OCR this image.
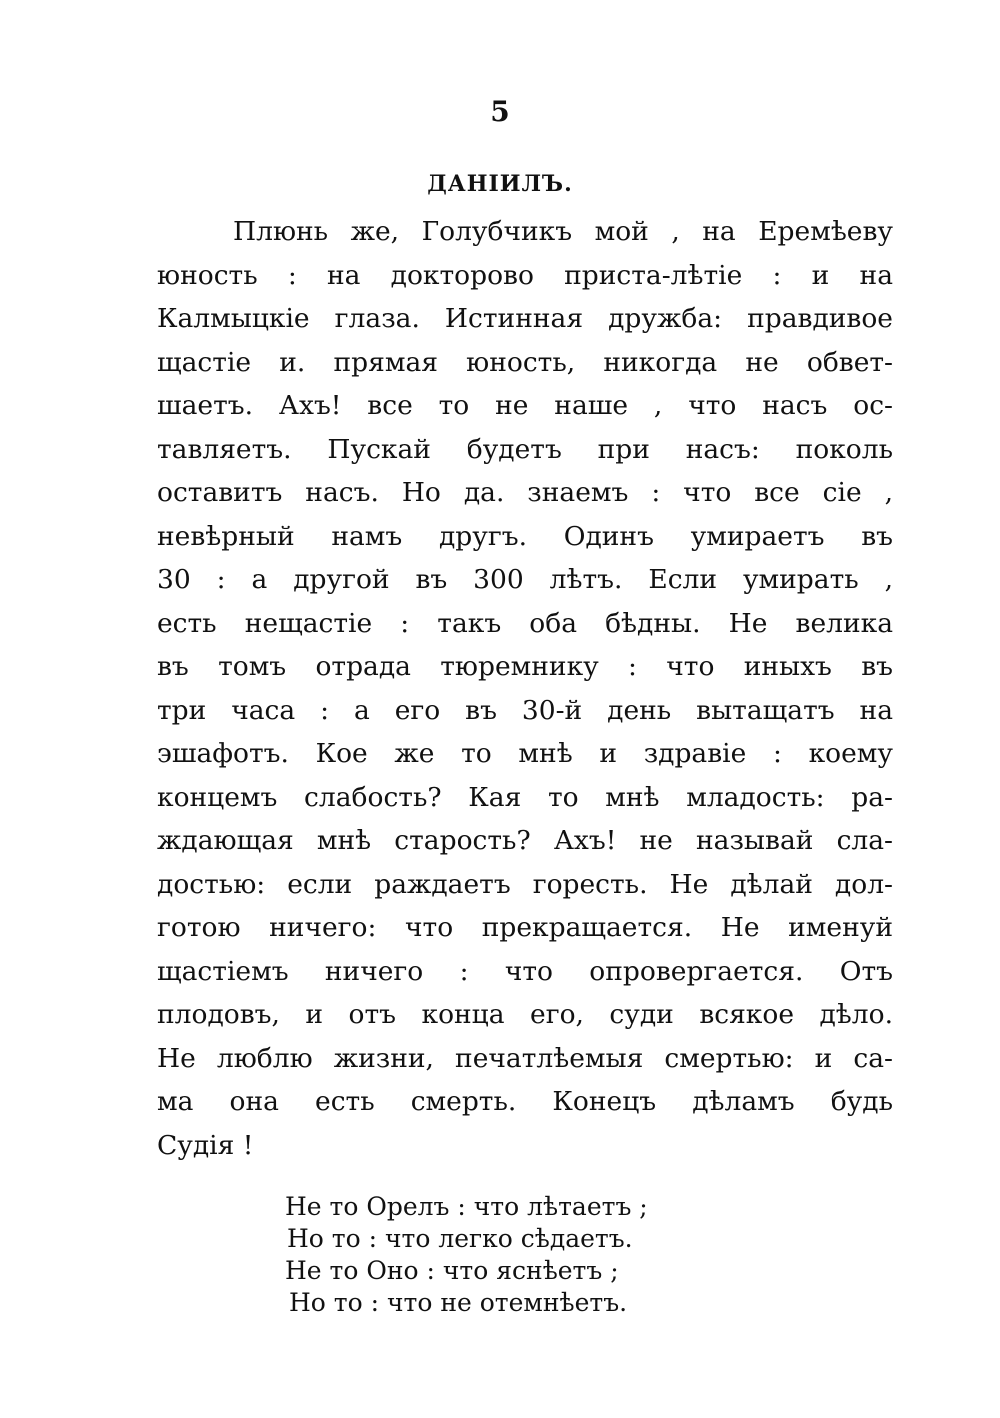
5
ДАНІИЛЪ.
Плюнь же, Голубчикъ мой , на Еремѣеву
юность : на докторово приста-лѣтіе : и на
Калмыцкіе глаза. Истинная дружба: правдивое
щастіе и. прямая юность, никогда не обвет-
шаетъ. Ахъ! все то не наше , что насъ ос-
тавляетъ. Пускай будетъ при насъ: поколь
оставитъ насъ. Но да. знаемъ : что все сіе ,
невѣрный намъ другъ. Одинъ умираетъ въ
30 : а другой въ 300 лѣтъ. Если умирать ,
есть нещастіе : такъ оба бѣдны. Не велика
въ томъ отрада тюремнику : что иныхъ въ
три часа : а его въ 30-й день вытащатъ на
эшафотъ. Кое же то мнѣ и здравіе : коему
концемъ слабость? Кая то мнѣ младость: ра-
ждающая мнѣ старость? Ахъ! не называй сла-
достью: если раждаетъ горесть. Не дѣлай дол-
готою ничего: что прекращается. Не именуй
щастіемъ ничего : что опровергается. Отъ
плодовъ, и отъ конца его, суди всякое дѣло.
Не люблю жизни, печатлѣемыя смертью: и са-
ма она есть смерть. Конецъ дѣламъ будь
Судія !
Не то Орелъ : что лѣтаетъ ;
Но то : что легко сѣдаетъ.
Не то Оно : что яснѣетъ ;
Но то : что не отемнѣетъ.
